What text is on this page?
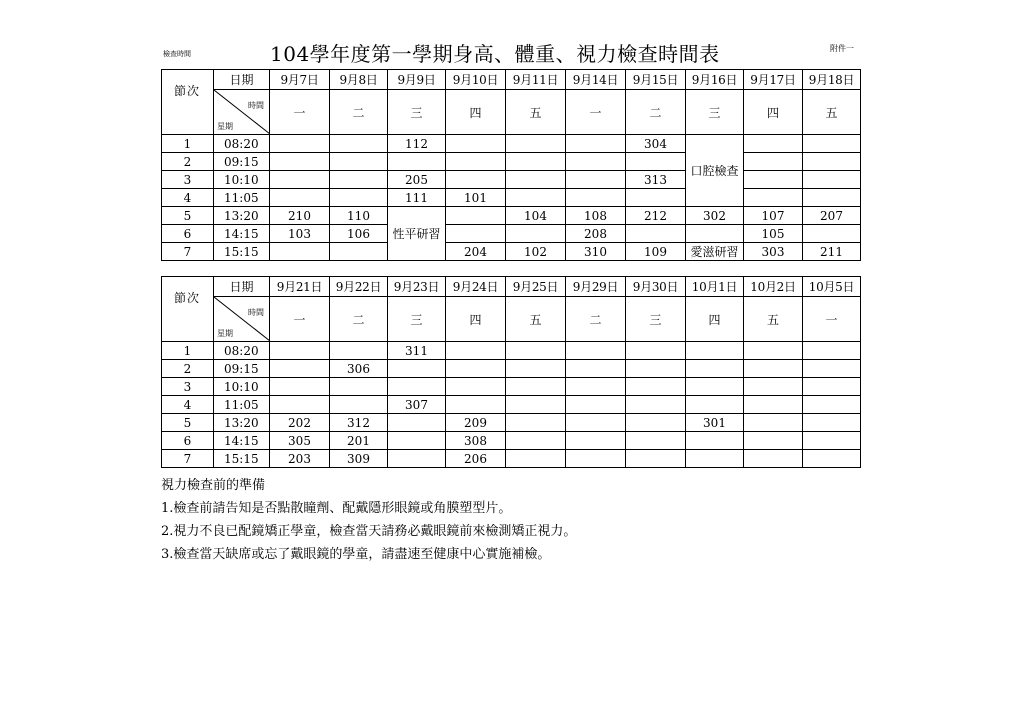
檢查時間	104學年度第一學期身高、體重、視力檢查時間表	附件一
節次	日期	9月7日	9月8日	9月9日	9月10日	9月11日	9月14日	9月15日	9月16日	9月17日	9月18日

	時間
星期	一	二	三	四	五	一	二	三	四	五
1	08:20			112				304	口腔檢查		
2	09:15										
3	10:10			205				313			
4	11:05			111	101						
5	13:20	210	110	性平研習		104	108	212	302	107	207
6	14:15	103	106				208			105	
7	15:15				204	102	310	109	愛滋研習	303	211
節次	日期	9月21日	9月22日	9月23日	9月24日	9月25日	9月29日	9月30日	10月1日	10月2日	10月5日

	時間
星期	一	二	三	四	五	二	三	四	五	一
1	08:20			311							
2	09:15		306								
3	10:10										
4	11:05			307							
5	13:20	202	312		209				301		
6	14:15	305	201		308						
7	15:15	203	309		206						
視力檢查前的準備
1.檢查前請告知是否點散瞳劑、配戴隱形眼鏡或角膜塑型片。
2.視力不良已配鏡矯正學童，檢查當天請務必戴眼鏡前來檢測矯正視力。
3.檢查當天缺席或忘了戴眼鏡的學童，請盡速至健康中心實施補檢。
